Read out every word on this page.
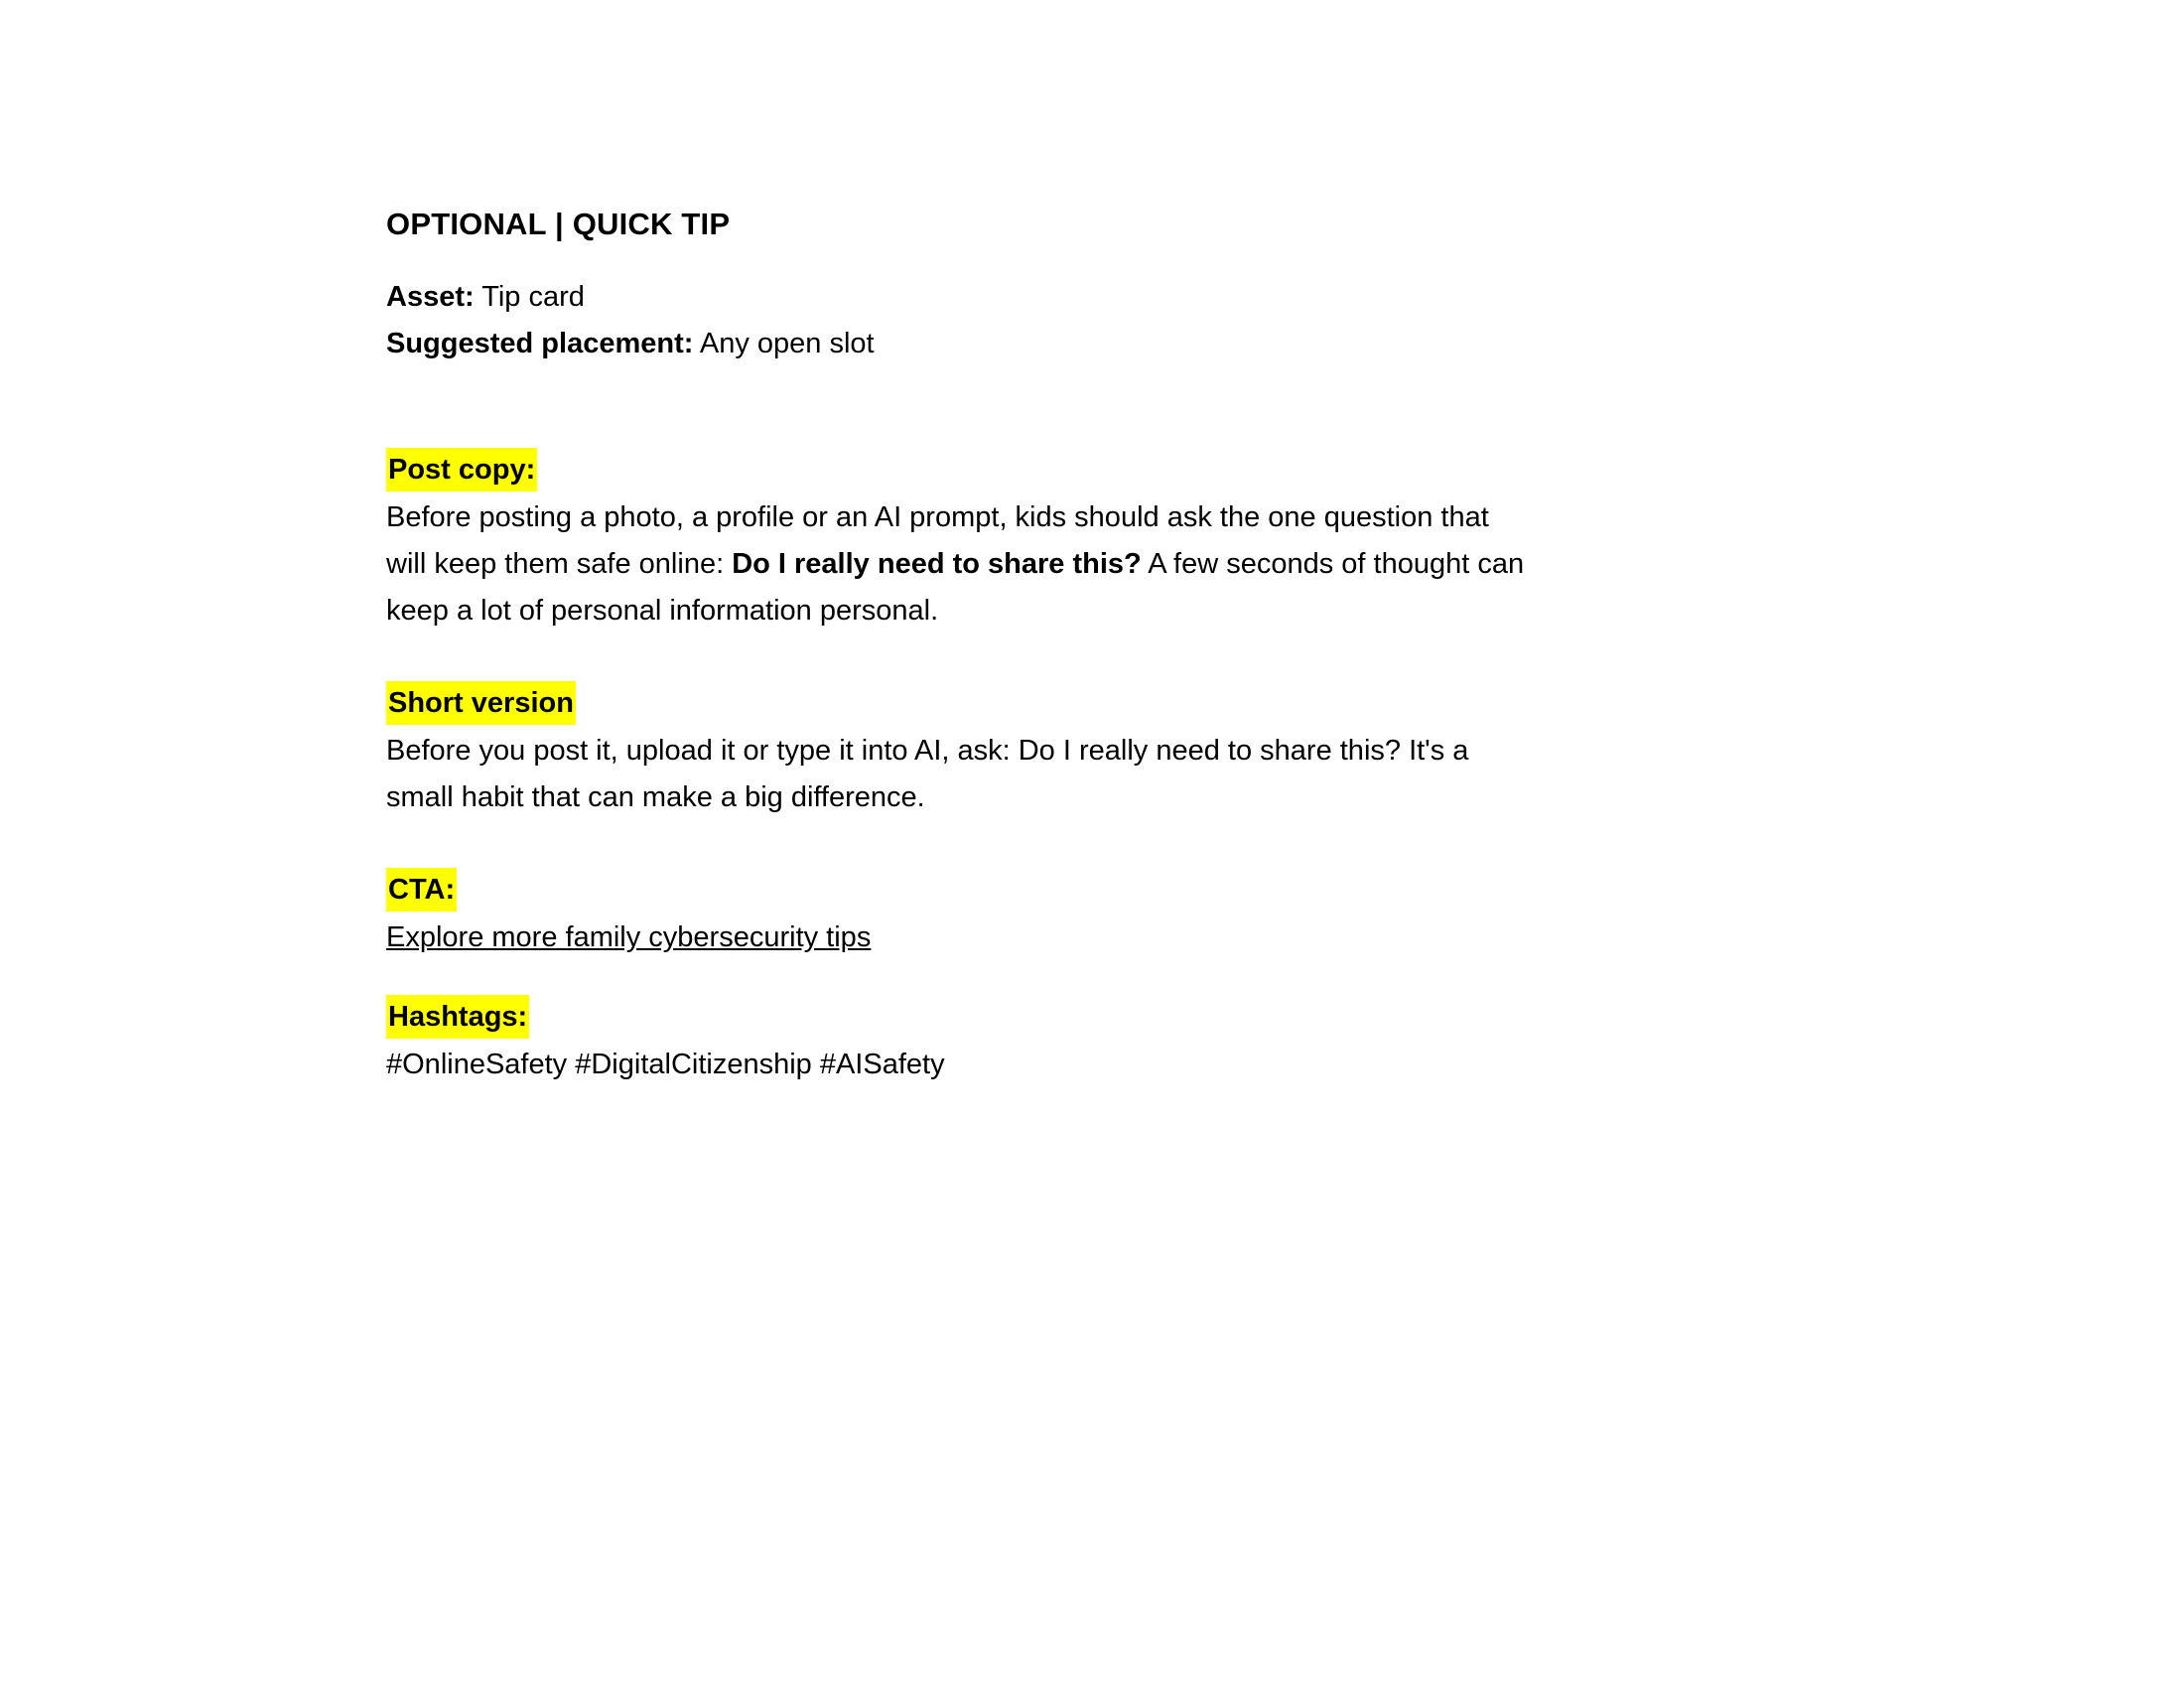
OPTIONAL | QUICK TIP

Asset: Tip card

Suggested placement: Any open slot

Post copy:

Before posting a photo, a profile or an AI prompt, kids should ask the one question that

will keep them safe online: Do I really need to share this? A few seconds of thought can

keep a lot of personal information personal.

Short version

Before you post it, upload it or type it into AI, ask: Do I really need to share this? It's a

small habit that can make a big difference.

CTA:

Explore more family cybersecurity tips

Hashtags:

#OnlineSafety #DigitalCitizenship #AISafety
